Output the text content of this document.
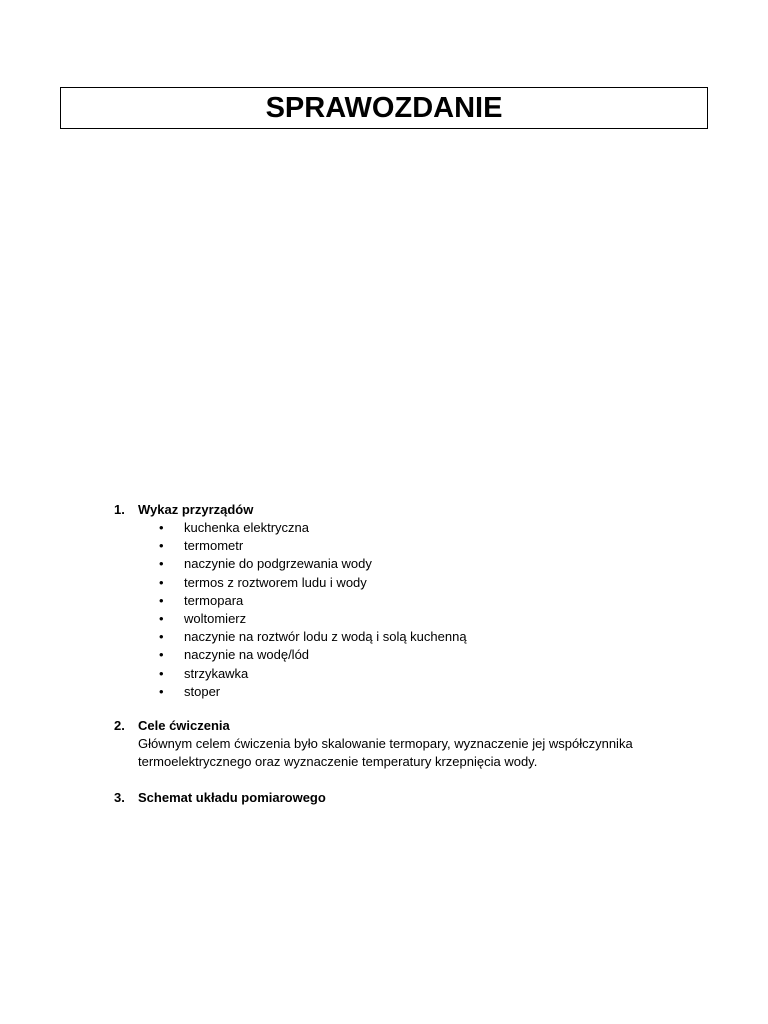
SPRAWOZDANIE
1.	Wykaz przyrządów
•	kuchenka elektryczna
•	termometr
•	naczynie do podgrzewania wody
•	termos z roztworem ludu i wody
•	termopara
•	woltomierz
•	naczynie na roztwór lodu z wodą i solą kuchenną
•	naczynie na wodę/lód
•	strzykawka
•	stoper
2.	Cele ćwiczenia
Głównym celem ćwiczenia było skalowanie termopary, wyznaczenie jej współczynnika
termoelektrycznego oraz wyznaczenie temperatury krzepnięcia wody.
3.	Schemat układu pomiarowego
